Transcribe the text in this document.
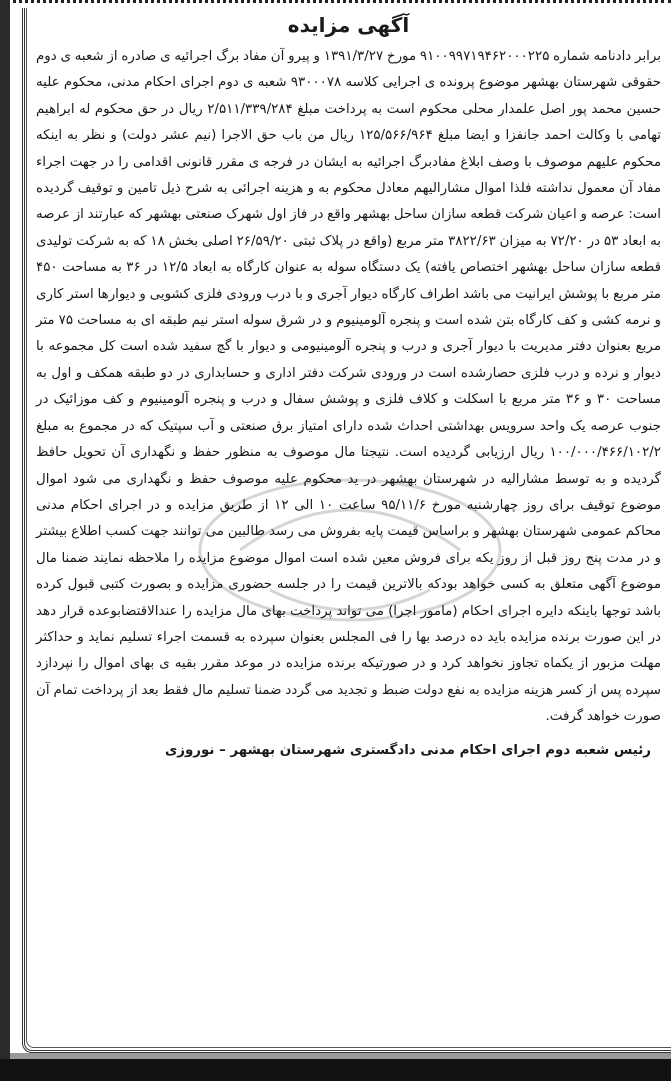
آگهی مزایده

برابر دادنامه شماره ۹۱۰۰۹۹۷۱۹۴۶۲۰۰۰۲۲۵ مورخ ۱۳۹۱/۳/۲۷ و پیرو آن مفاد برگ اجرائیه ی صادره از شعبه ی دوم حقوقی شهرستان بهشهر موضوع پرونده ی اجرایی کلاسه ۹۳۰۰۰۷۸ شعبه ی دوم اجرای احکام مدنی، محکوم علیه حسین محمد پور اصل علمدار محلی محکوم است به پرداخت مبلغ ۲/۵۱۱/۳۳۹/۲۸۴ ریال در حق محکوم له ابراهیم تهامی با وکالت احمد جانفزا و ایضا مبلغ ۱۲۵/۵۶۶/۹۶۴ ریال من باب حق الاجرا (نیم عشر دولت) و نظر به اینکه محکوم علیهم موصوف با وصف ابلاغ مفادبرگ اجرائیه به ایشان در فرجه ی مقرر قانونی اقدامی را در جهت اجراء مفاد آن معمول نداشته فلذا اموال مشارالیهم معادل محکوم به و هزینه اجرائی به شرح ذیل تامین و توقیف گردیده است: عرصه و اعیان شرکت قطعه سازان ساحل بهشهر واقع در فاز اول شهرک صنعتی بهشهر که عبارتند از عرصه به ابعاد ۵۳ در ۷۲/۲۰ به میزان ۳۸۲۲/۶۳ متر مربع (واقع در پلاک ثبتی ۲۶/۵۹/۲۰ اصلی بخش ۱۸ که به شرکت تولیدی قطعه سازان ساحل بهشهر اختصاص یافته) یک دستگاه سوله به عنوان کارگاه به ابعاد ۱۲/۵ در ۳۶ به مساحت ۴۵۰ متر مربع با پوشش ایرانیت می باشد اطراف کارگاه دیوار آجری و با درب ورودی فلزی کشویی و دیوارها استر کاری و نرمه کشی و کف کارگاه بتن شده است و پنجره آلومینیوم و در شرق سوله استر نیم طبقه ای به مساحت ۷۵ متر مربع بعنوان دفتر مدیریت با دیوار آجری و درب و پنجره آلومینیومی و دیوار با گچ سفید شده است کل مجموعه با دیوار و نرده و درب فلزی حصارشده است در ورودی شرکت دفتر اداری و حسابداری در دو طبقه همکف و اول به مساحت ۳۰ و ۳۶ متر مربع با اسکلت و کلاف فلزی و پوشش سفال و درب و پنجره آلومینیوم و کف موزائیک در جنوب عرصه یک واحد سرویس بهداشتی احداث شده دارای امتیاز برق صنعتی و آب سپتیک که در مجموع به مبلغ ۱۰۰/۰۰۰/۴۶۶/۱۰۲/۲ ریال ارزیابی گردیده است. نتیجتا مال موصوف به منظور حفظ و نگهداری آن تحویل حافظ گردیده و به توسط مشارالیه در شهرستان بهشهر در ید محکوم علیه موصوف حفظ و نگهداری می شود اموال موضوع توقیف برای روز چهارشنبه مورخ ۹۵/۱۱/۶ ساعت ۱۰ الی ۱۲ از طریق مزایده و در اجرای احکام مدنی محاکم عمومی شهرستان بهشهر و براساس قیمت پایه بفروش می رسد طالبین می توانند جهت کسب اطلاع بیشتر و در مدت پنج روز قبل از روز یکه برای فروش معین شده است اموال موضوع مزایده را ملاحظه نمایند ضمنا مال موضوع آگهی متعلق به کسی خواهد بودکه بالاترین قیمت را در جلسه حضوری مزایده و بصورت کتبی قبول کرده باشد توجها باینکه دایره اجرای احکام (مامور اجرا) می تواند پرداخت بهای مال مزایده را عندالاقتضابوعده قرار دهد در این صورت برنده مزایده باید ده درصد بها را فی المجلس بعنوان سپرده به قسمت اجراء تسلیم نماید و حداکثر مهلت مزبور از یکماه تجاوز نخواهد کرد و در صورتیکه برنده مزایده در موعد مقرر بقیه ی بهای اموال را نپردازد سپرده پس از کسر هزینه مزایده به نفع دولت ضبط و تجدید می گردد ضمنا تسلیم مال فقط بعد از پرداخت تمام آن صورت خواهد گرفت.

رئیس شعبه دوم اجرای احکام مدنی دادگستری شهرستان بهشهر – نوروزی
